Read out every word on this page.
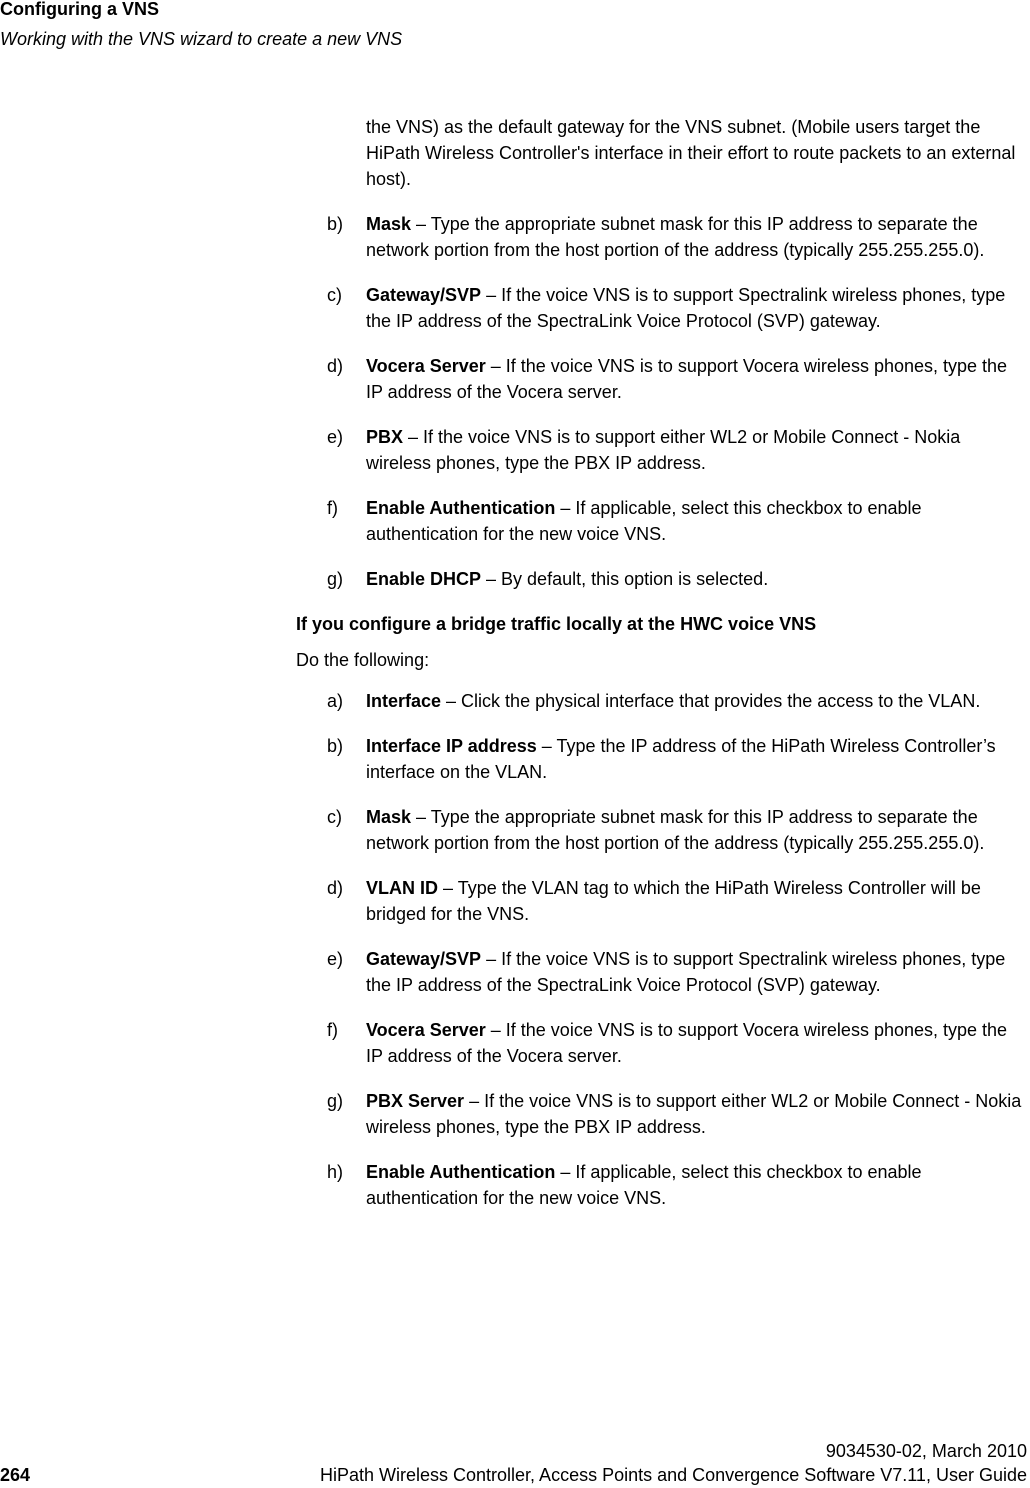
Configuring a VNS
Working with the VNS wizard to create a new VNS

the VNS) as the default gateway for the VNS subnet. (Mobile users target the HiPath Wireless Controller's interface in their effort to route packets to an external host).

b)	Mask – Type the appropriate subnet mask for this IP address to separate the network portion from the host portion of the address (typically 255.255.255.0).
c)	Gateway/SVP – If the voice VNS is to support Spectralink wireless phones, type the IP address of the SpectraLink Voice Protocol (SVP) gateway.
d)	Vocera Server – If the voice VNS is to support Vocera wireless phones, type the IP address of the Vocera server.
e)	PBX – If the voice VNS is to support either WL2 or Mobile Connect - Nokia wireless phones, type the PBX IP address.
f)	Enable Authentication – If applicable, select this checkbox to enable authentication for the new voice VNS.
g)	Enable DHCP – By default, this option is selected.
If you configure a bridge traffic locally at the HWC voice VNS

Do the following:

a)	Interface – Click the physical interface that provides the access to the VLAN.
b)	Interface IP address – Type the IP address of the HiPath Wireless Controller’s interface on the VLAN.
c)	Mask – Type the appropriate subnet mask for this IP address to separate the network portion from the host portion of the address (typically 255.255.255.0).
d)	VLAN ID – Type the VLAN tag to which the HiPath Wireless Controller will be bridged for the VNS.
e)	Gateway/SVP – If the voice VNS is to support Spectralink wireless phones, type the IP address of the SpectraLink Voice Protocol (SVP) gateway.
f)	Vocera Server – If the voice VNS is to support Vocera wireless phones, type the IP address of the Vocera server.
g)	PBX Server – If the voice VNS is to support either WL2 or Mobile Connect - Nokia wireless phones, type the PBX IP address.
h)	Enable Authentication – If applicable, select this checkbox to enable authentication for the new voice VNS.
9034530-02, March 2010
264	HiPath Wireless Controller, Access Points and Convergence Software V7.11, User Guide
